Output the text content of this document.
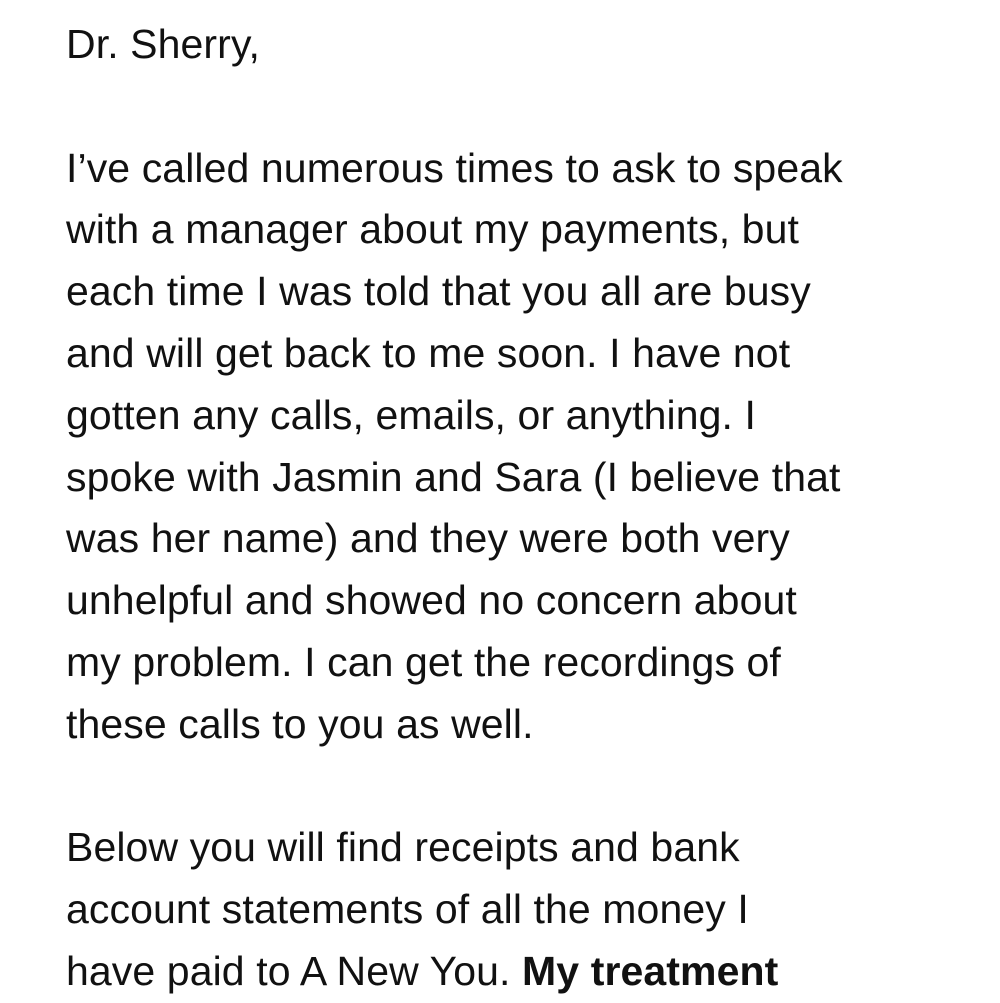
Dr. Sherry,
I’ve called numerous times to ask to speak
with a manager about my payments, but
each time I was told that you all are busy
and will get back to me soon. I have not
gotten any calls, emails, or anything. I
spoke with Jasmin and Sara (I believe that
was her name) and they were both very
unhelpful and showed no concern about
my problem. I can get the recordings of
these calls to you as well.
Below you will find receipts and bank
account statements of all the money I
have paid to A New You. My treatment
